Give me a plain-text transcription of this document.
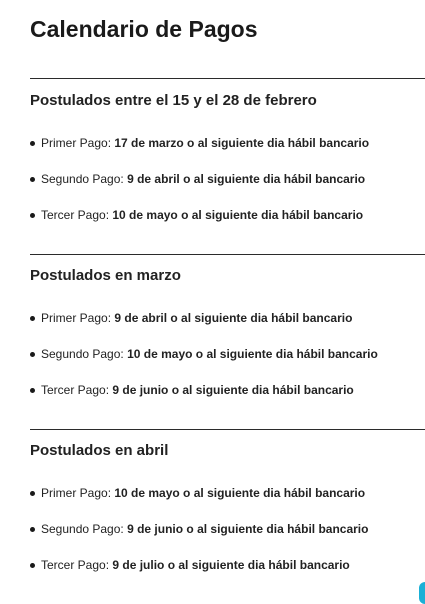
Calendario de Pagos
Postulados entre el 15 y el 28 de febrero
Primer Pago: 17 de marzo o al siguiente dia hábil bancario
Segundo Pago: 9 de abril o al siguiente dia hábil bancario
Tercer Pago: 10 de mayo o al siguiente dia hábil bancario
Postulados en marzo
Primer Pago: 9 de abril o al siguiente dia hábil bancario
Segundo Pago: 10 de mayo o al siguiente dia hábil bancario
Tercer Pago: 9 de junio o al siguiente dia hábil bancario
Postulados en abril
Primer Pago: 10 de mayo o al siguiente dia hábil bancario
Segundo Pago: 9 de junio o al siguiente dia hábil bancario
Tercer Pago: 9 de julio o al siguiente dia hábil bancario
